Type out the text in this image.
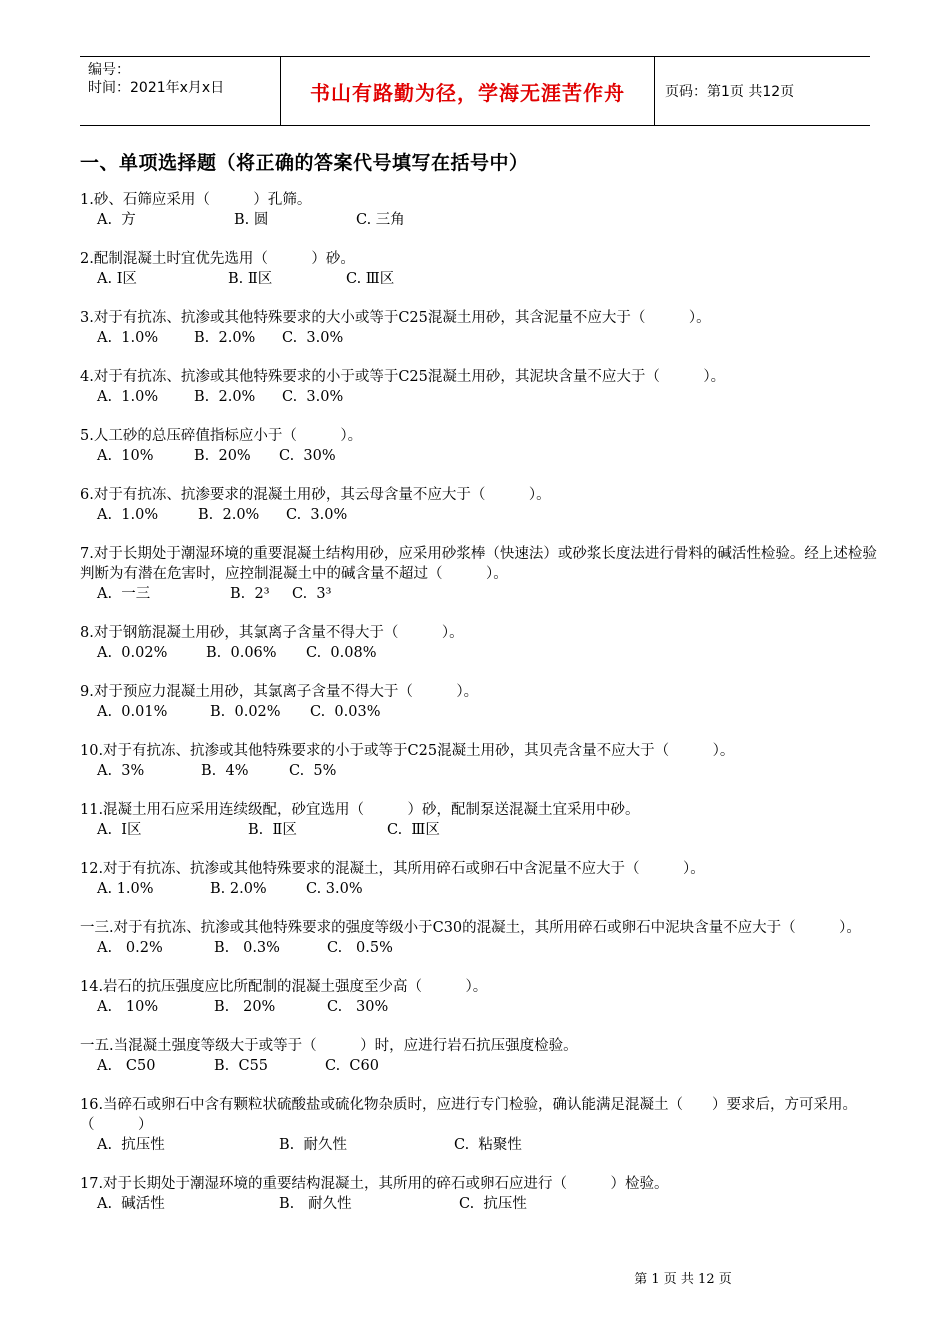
编号：
时间：2021年x月x日	书山有路勤为径，学海无涯苦作舟	页码：第1页 共12页
一、单项选择题（将正确的答案代号填写在括号中）
1.砂、石筛应采用（　　　）孔筛。
A.  方	B. 圆	C. 三角
2.配制混凝土时宜优先选用（　　　）砂。
A. Ⅰ区	B. Ⅱ区	C. Ⅲ区
3.对于有抗冻、抗渗或其他特殊要求的大小或等于C25混凝土用砂，其含泥量不应大于（　　　）。
A.  1.0%	B.  2.0%	C.  3.0%
4.对于有抗冻、抗渗或其他特殊要求的小于或等于C25混凝土用砂，其泥块含量不应大于（　　　）。
A.  1.0%	B.  2.0%	C.  3.0%
5.人工砂的总压碎值指标应小于（　　　）。
A.  10%	B.  20%	C.  30%
6.对于有抗冻、抗渗要求的混凝土用砂，其云母含量不应大于（　　　）。
A.  1.0%	B.  2.0%	C.  3.0%
7.对于长期处于潮湿环境的重要混凝土结构用砂，应采用砂浆棒（快速法）或砂浆长度法进行骨料的碱活性检验。经上述检验判断为有潜在危害时，应控制混凝土中的碱含量不超过（　　　）。
A.  一三	B.  2³	C.  3³
8.对于钢筋混凝土用砂，其氯离子含量不得大于（　　　）。
A.  0.02%	B.  0.06%	C.  0.08%
9.对于预应力混凝土用砂，其氯离子含量不得大于（　　　）。
A.  0.01%	B.  0.02%	C.  0.03%
10.对于有抗冻、抗渗或其他特殊要求的小于或等于C25混凝土用砂，其贝壳含量不应大于（　　　）。
A.  3%	B.  4%	C.  5%
11.混凝土用石应采用连续级配，砂宜选用（　　　）砂，配制泵送混凝土宜采用中砂。
A.  Ⅰ区	B.  Ⅱ区	C.  Ⅲ区
12.对于有抗冻、抗渗或其他特殊要求的混凝土，其所用碎石或卵石中含泥量不应大于（　　　）。
A. 1.0%	B. 2.0%	C. 3.0%
一三.对于有抗冻、抗渗或其他特殊要求的强度等级小于C30的混凝土，其所用碎石或卵石中泥块含量不应大于（　　　）。
A.   0.2%	B.   0.3%	C.   0.5%
14.岩石的抗压强度应比所配制的混凝土强度至少高（　　　）。
A.   10%	B.   20%	C.   30%
一五.当混凝土强度等级大于或等于（　　　）时，应进行岩石抗压强度检验。
A.   C50	B.  C55	C.  C60
16.当碎石或卵石中含有颗粒状硫酸盐或硫化物杂质时，应进行专门检验，确认能满足混凝土（　　）要求后，方可采用。（　　　）
A.  抗压性	B.  耐久性	C.  粘聚性
17.对于长期处于潮湿环境的重要结构混凝土，其所用的碎石或卵石应进行（　　　）检验。
A.  碱活性	B.   耐久性	C.  抗压性
第 1 页 共 12 页
